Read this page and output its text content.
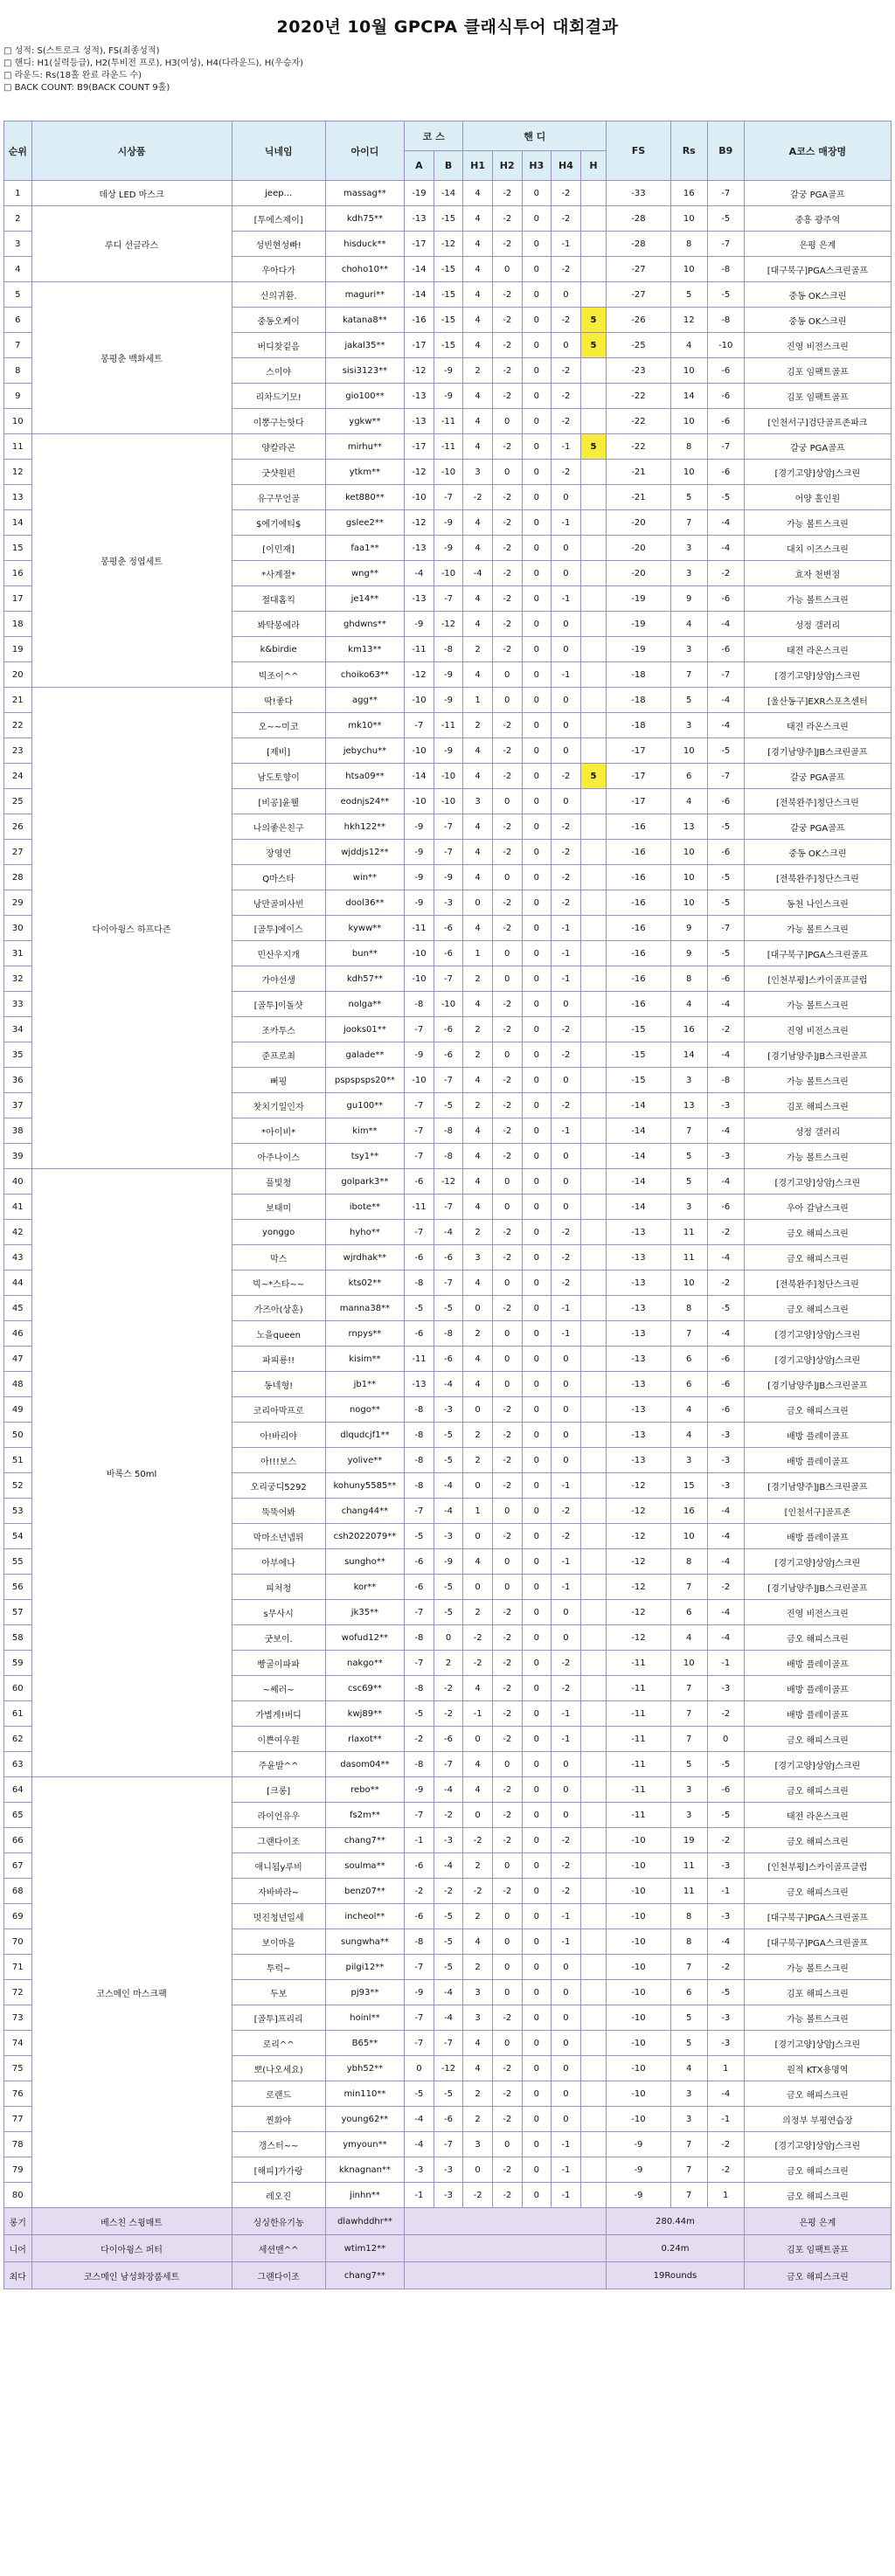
2020년 10월 GPCPA 클래식투어 대회결과
□ 성적: S(스트로크 성적), FS(최종성적)
□ 핸디: H1(실력등급), H2(투비전 프로), H3(여성), H4(다라운드), H(우승자)
□ 라운드: Rs(18홀 완료 라운드 수)
□ BACK COUNT: B9(BACK COUNT 9홀)
순위	시상품	닉네임	아이디	코 스		핸 디					FS	Rs	B9	A코스 매장명
				A	B	H1	H2	H3	H4	H				
1	데상 LED 마스크	jeep...	massag**	-19	-14	4	-2	0	-2		-33	16	-7	갈궁 PGA골프
2	루디 선글라스	[투에스제이]	kdh75**	-13	-15	4	-2	0	-2		-28	10	-5	중흥 광주역
3		성빈현성빠!	hisduck**	-17	-12	4	-2	0	-1		-28	8	-7	은평 은계
4		우아다가	choho10**	-14	-15	4	0	0	-2		-27	10	-8	[대구북구]PGA스크린골프
5	봉평춘 백화세트	신의귀환.	maguri**	-14	-15	4	-2	0	0		-27	5	-5	중동 OK스크린
6		중동오케이	katana8**	-16	-15	4	-2	0	-2	5	-26	12	-8	중동 OK스크린
7		버디찾겉음	jakal35**	-17	-15	4	-2	0	0	5	-25	4	-10	진영 비전스크린
8		스이야	sisi3123**	-12	-9	2	-2	0	-2		-23	10	-6	김포 임팩트골프
9		리차드기모!	gio100**	-13	-9	4	-2	0	-2		-22	14	-6	김포 임팩트골프
10		이뽕구는핫다	ygkw**	-13	-11	4	0	0	-2		-22	10	-6	[인천서구]검단골프존파크
11	봉평춘 정엽세트	양칼라곤	mirhu**	-17	-11	4	-2	0	-1	5	-22	8	-7	갈궁 PGA골프
12		굿샷원펀	ytkm**	-12	-10	3	0	0	-2		-21	10	-6	[경기고양]상암J스크린
13		유구무언골	ket880**	-10	-7	-2	-2	0	0		-21	5	-5	어양 홀인원
14		$에기에티$	gslee2**	-12	-9	4	-2	0	-1		-20	7	-4	가능 볼트스크린
15		[이민재]	faa1**	-13	-9	4	-2	0	0		-20	3	-4	대치 이즈스크린
16		*사계절*	wng**	-4	-10	-4	-2	0	0		-20	3	-2	효자 천변점
17		절대홈킥	je14**	-13	-7	4	-2	0	-1		-19	9	-6	가능 볼트스크린
18		봐탁봉에라	ghdwns**	-9	-12	4	-2	0	0		-19	4	-4	성정 갤러리
19		k&birdie	km13**	-11	-8	2	-2	0	0		-19	3	-6	태전 라온스크린
20		빅조이^^	choiko63**	-12	-9	4	0	0	-1		-18	7	-7	[경기고양]상암J스크린
21	다이아윙스 하프다즌	딱!좋다	agg**	-10	-9	1	0	0	0		-18	5	-4	[울산동구]EXR스포츠센터
22		오~~미코	mk10**	-7	-11	2	-2	0	0		-18	3	-4	태전 라온스크린
23		[제비]	jebychu**	-10	-9	4	-2	0	0		-17	10	-5	[경기남양주]JB스크린골프
24		남도토향이	htsa09**	-14	-10	4	-2	0	-2	5	-17	6	-7	갈궁 PGA골프
25		[비공]윤웰	eodnjs24**	-10	-10	3	0	0	0		-17	4	-6	[전북완주]청단스크린
26		나의좋은친구	hkh122**	-9	-7	4	-2	0	-2		-16	13	-5	갈궁 PGA골프
27		장영연	wjddjs12**	-9	-7	4	-2	0	-2		-16	10	-6	중동 OK스크린
28		Q마스타	win**	-9	-9	4	0	0	-2		-16	10	-5	[전북완주]청단스크린
29		낭만골퍼사빈	dool36**	-9	-3	0	-2	0	-2		-16	10	-5	동천 나인스크린
30		[골투]에이스	kyww**	-11	-6	4	-2	0	-1		-16	9	-7	가능 볼트스크린
31		민산우지개	bun**	-10	-6	1	0	0	-1		-16	9	-5	[대구북구]PGA스크린골프
32		가야선생	kdh57**	-10	-7	2	0	0	-1		-16	8	-6	[인천부평]스카이골프클럽
33		[골투]이돌샷	nolga**	-8	-10	4	-2	0	0		-16	4	-4	가능 볼트스크린
34		조카투스	jooks01**	-7	-6	2	-2	0	-2		-15	16	-2	진영 비전스크린
35		준프로최	galade**	-9	-6	2	0	0	-2		-15	14	-4	[경기남양주]JB스크린골프
36		뻐핑	pspspsps20**	-10	-7	4	-2	0	0		-15	3	-8	가능 볼트스크린
37		찻치기일인자	gu100**	-7	-5	2	-2	0	-2		-14	13	-3	김포 해피스크린
38		*아이비*	kim**	-7	-8	4	-2	0	-1		-14	7	-4	성정 갤러리
39		아주나이스	tsy1**	-7	-8	4	-2	0	0		-14	5	-3	가능 볼트스크린
40	바록스 50ml	풀빛청	golpark3**	-6	-12	4	0	0	0		-14	5	-4	[경기고양]상암J스크린
41		보태미	ibote**	-11	-7	4	0	0	0		-14	3	-6	우아 갈남스크린
42		yonggo	hyho**	-7	-4	2	-2	0	-2		-13	11	-2	금오 해피스크린
43		막스	wjrdhak**	-6	-6	3	-2	0	-2		-13	11	-4	금오 해피스크린
44		빅~*스타~~	kts02**	-8	-7	4	0	0	-2		-13	10	-2	[전북완주]청단스크린
45		가즈아(상훈)	manna38**	-5	-5	0	-2	0	-1		-13	8	-5	금오 해피스크린
46		노을queen	rnpys**	-6	-8	2	0	0	-1		-13	7	-4	[경기고양]상암J스크린
47		파피룡!!	kisim**	-11	-6	4	0	0	0		-13	6	-6	[경기고양]상암J스크린
48		동네형!	jb1**	-13	-4	4	0	0	0		-13	6	-6	[경기남양주]JB스크린골프
49		코리아막프로	nogo**	-8	-3	0	-2	0	0		-13	4	-6	금오 해피스크린
50		아!바리야	dlqudcjf1**	-8	-5	2	-2	0	0		-13	4	-3	배방 플레이골프
51		아!!!보스	yolive**	-8	-5	2	-2	0	0		-13	3	-3	배방 플레이골프
52		오리궁디5292	kohuny5585**	-8	-4	0	-2	0	-1		-12	15	-3	[경기남양주]JB스크린골프
53		뚝뚝어봐	chang44**	-7	-4	1	0	0	-2		-12	16	-4	[인천서구]골프존
54		막마소년넵튀	csh2022079**	-5	-3	0	-2	0	-2		-12	10	-4	배방 플레이골프
55		아부에나	sungho**	-6	-9	4	0	0	-1		-12	8	-4	[경기고양]상암J스크린
56		피처청	kor**	-6	-5	0	0	0	-1		-12	7	-2	[경기남양주]JB스크린골프
57		s무사시	jk35**	-7	-5	2	-2	0	0		-12	6	-4	진영 비전스크린
58		굿보이.	wofud12**	-8	0	-2	-2	0	0		-12	4	-4	금오 해피스크린
59		빵굴이파파	nakgo**	-7	2	-2	-2	0	-2		-11	10	-1	배방 플레이골프
60		~쎄러~	csc69**	-8	-2	4	-2	0	-2		-11	7	-3	배방 플레이골프
61		가볍게!버디	kwj89**	-5	-2	-1	-2	0	-1		-11	7	-2	배방 플레이골프
62		이쁜여우원	rlaxot**	-2	-6	0	-2	0	-1		-11	7	0	금오 해피스크린
63		주윤발^^	dasom04**	-8	-7	4	0	0	0		-11	5	-5	[경기고양]상암J스크린
64	코스메인 마스크팩	[크롱]	rebo**	-9	-4	4	-2	0	0		-11	3	-6	금오 해피스크린
65		라이언유우	fs2m**	-7	-2	0	-2	0	0		-11	3	-5	태전 라온스크린
66		그랜다이조	chang7**	-1	-3	-2	-2	0	-2		-10	19	-2	금오 해피스크린
67		애니됨y루비	soulma**	-6	-4	2	0	0	-2		-10	11	-3	[인천부평]스카이골프클럽
68		자바바라~	benz07**	-2	-2	-2	-2	0	-2		-10	11	-1	금오 해피스크린
69		멋진청년일세	incheol**	-6	-5	2	0	0	-1		-10	8	-3	[대구북구]PGA스크린골프
70		보이마을	sungwha**	-8	-5	4	0	0	-1		-10	8	-4	[대구북구]PGA스크린골프
71		투럭~	pilgi12**	-7	-5	2	0	0	0		-10	7	-2	가능 볼트스크린
72		두보	pj93**	-9	-4	3	0	0	0		-10	6	-5	김포 해피스크린
73		[골투]프리리	hoinl**	-7	-4	3	-2	0	0		-10	5	-3	가능 볼트스크린
74		로리^^	B65**	-7	-7	4	0	0	0		-10	5	-3	[경기고양]상암J스크린
75		뽀(나오세요)	ybh52**	0	-12	4	-2	0	0		-10	4	1	원적 KTX용명역
76		로랜드	min110**	-5	-5	2	-2	0	0		-10	3	-4	금오 해피스크린
77		찐화야	young62**	-4	-6	2	-2	0	0		-10	3	-1	의정부 부평연습장
78		갱스터~~	ymyoun**	-4	-7	3	0	0	-1		-9	7	-2	[경기고양]상암J스크린
79		[해피]가가랑	kknagnan**	-3	-3	0	-2	0	-1		-9	7	-2	금오 해피스크린
80		레오진	jinhn**	-1	-3	-2	-2	0	-1		-9	7	1	금오 해피스크린
롱기	베스친 스윙매트	싱싱한유기농	dlawhddhr**								280.44m			은평 은계
니어	다이아윙스 퍼터	세션맨^^	wtim12**								0.24m			김포 임팩트골프
최다	코스메인 남성화장품세트	그랜다이조	chang7**								19Rounds			금오 해피스크린
